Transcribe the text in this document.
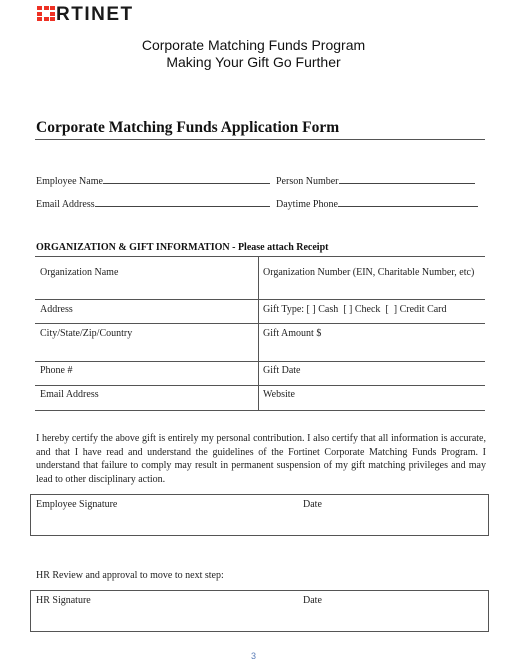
RTINET
Corporate Matching Funds Program
Making Your Gift Go Further
Corporate Matching Funds Application Form
Employee Name	Person Number
Email Address	Daytime Phone
ORGANIZATION & GIFT INFORMATION - Please attach Receipt
Organization Name	Organization Number (EIN, Charitable Number, etc)
Address	Gift Type: [ ] Cash  [ ] Check  [  ] Credit Card
City/State/Zip/Country	Gift Amount $
Phone #	Gift Date
Email Address	Website
I hereby certify the above gift is entirely my personal contribution. I also certify that all information is accurate, and that I have read and understand the guidelines of the Fortinet Corporate Matching Funds Program. I understand that failure to comply may result in permanent suspension of my gift matching privileges and may lead to other disciplinary action.
Employee Signature	Date
HR Review and approval to move to next step:
HR Signature	Date
3
